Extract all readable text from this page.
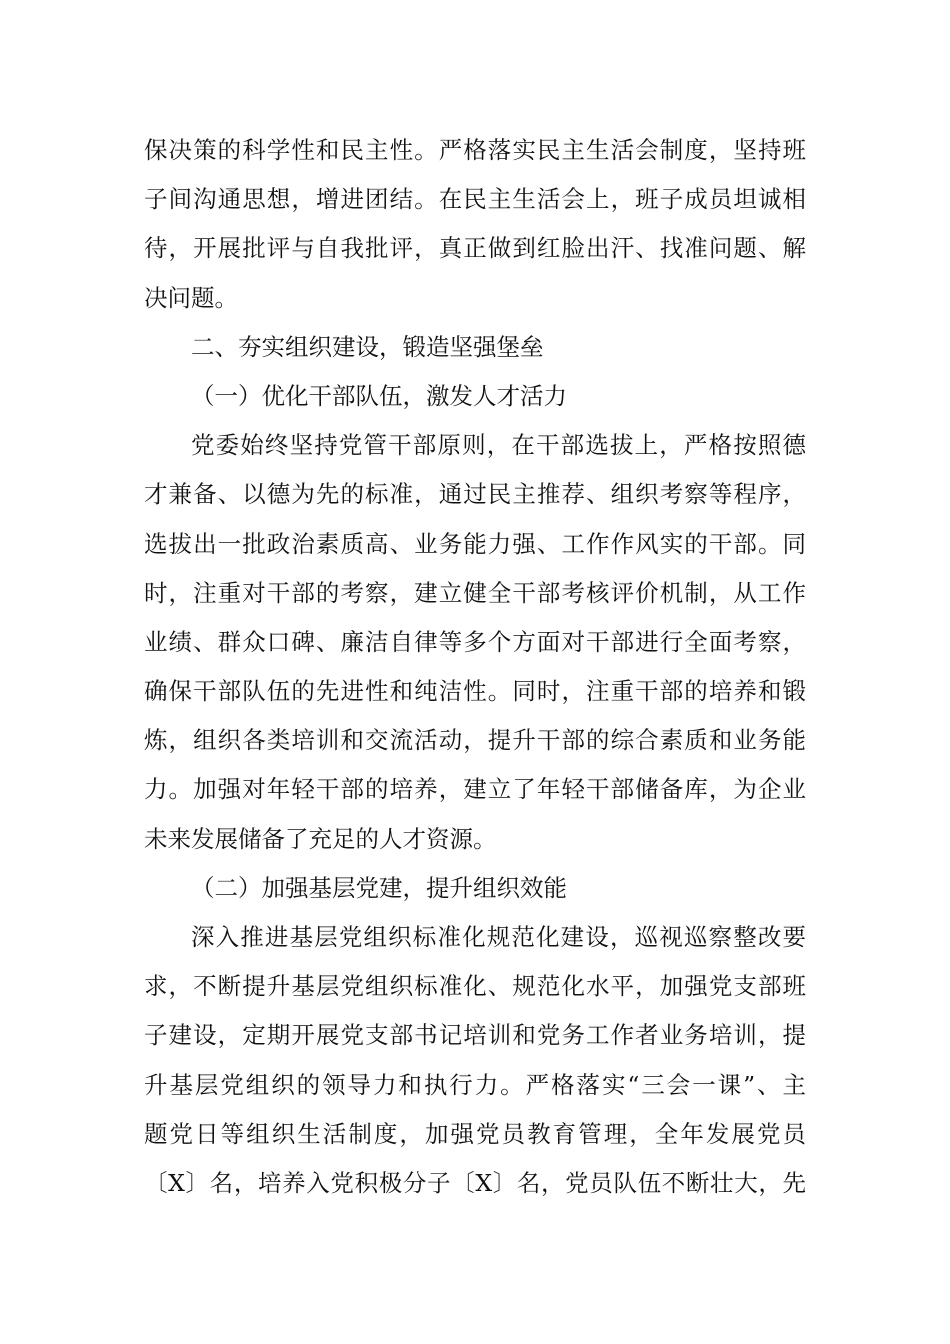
保决策的科学性和民主性。严格落实民主生活会制度，坚持班
子间沟通思想，增进团结。在民主生活会上，班子成员坦诚相
待，开展批评与自我批评，真正做到红脸出汗、找准问题、解
决问题。
二、夯实组织建设，锻造坚强堡垒
（一）优化干部队伍，激发人才活力
党委始终坚持党管干部原则，在干部选拔上，严格按照德
才兼备、以德为先的标准，通过民主推荐、组织考察等程序，
选拔出一批政治素质高、业务能力强、工作作风实的干部。同
时，注重对干部的考察，建立健全干部考核评价机制，从工作
业绩、群众口碑、廉洁自律等多个方面对干部进行全面考察，
确保干部队伍的先进性和纯洁性。同时，注重干部的培养和锻
炼，组织各类培训和交流活动，提升干部的综合素质和业务能
力。加强对年轻干部的培养，建立了年轻干部储备库，为企业
未来发展储备了充足的人才资源。
（二）加强基层党建，提升组织效能
深入推进基层党组织标准化规范化建设，巡视巡察整改要
求，不断提升基层党组织标准化、规范化水平，加强党支部班
子建设，定期开展党支部书记培训和党务工作者业务培训，提
升基层党组织的领导力和执行力。严格落实“三会一课”、主
题党日等组织生活制度，加强党员教育管理，全年发展党员
〔X〕名，培养入党积极分子〔X〕名，党员队伍不断壮大，先
